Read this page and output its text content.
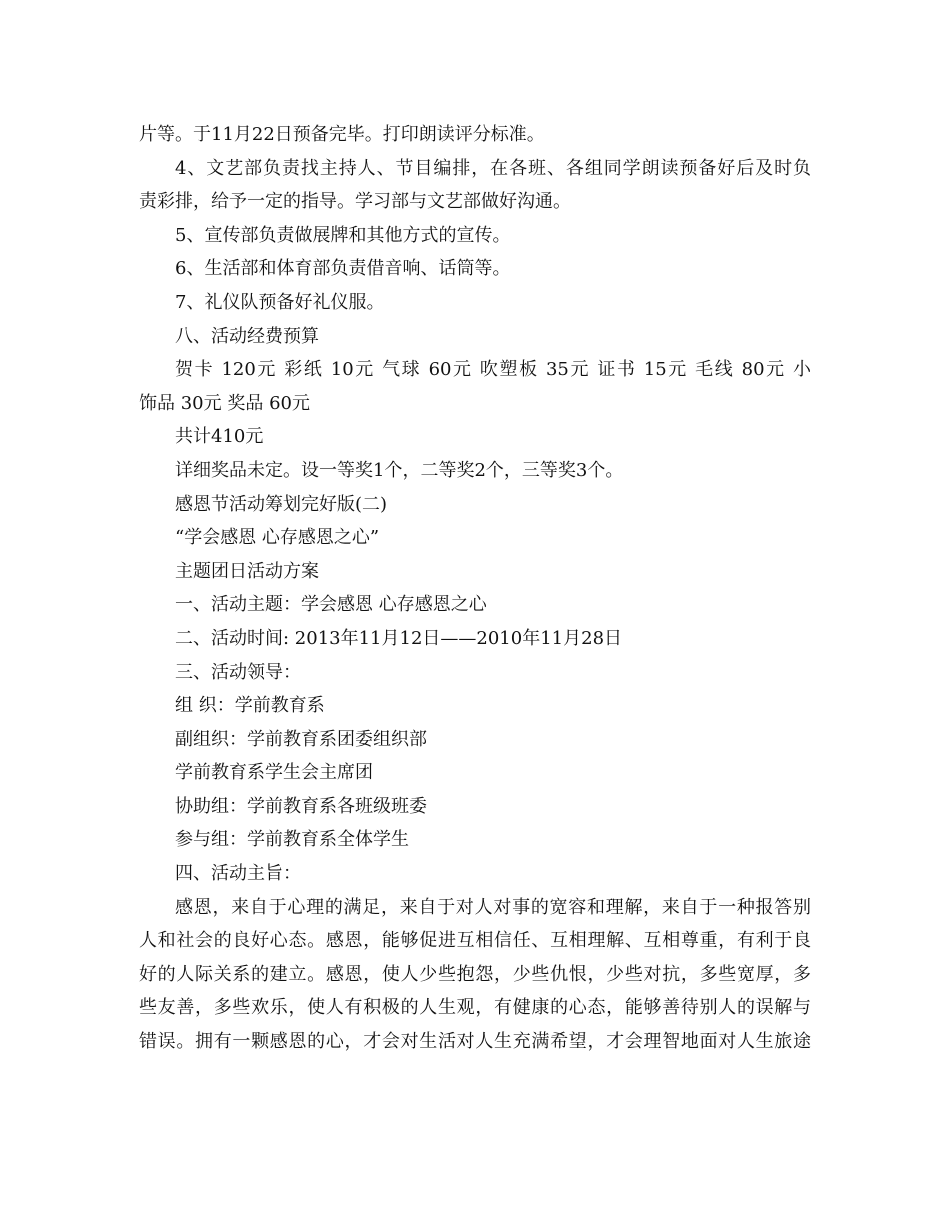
片等。于11月22日预备完毕。打印朗读评分标准。
4、文艺部负责找主持人、节目编排，在各班、各组同学朗读预备好后及时负
责彩排，给予一定的指导。学习部与文艺部做好沟通。
5、宣传部负责做展牌和其他方式的宣传。
6、生活部和体育部负责借音响、话筒等。
7、礼仪队预备好礼仪服。
八、活动经费预算
贺卡 120元 彩纸 10元 气球 60元 吹塑板 35元 证书 15元 毛线 80元 小
饰品 30元 奖品 60元
共计410元
详细奖品未定。设一等奖1个，二等奖2个，三等奖3个。
感恩节活动筹划完好版(二)
“学会感恩 心存感恩之心”
主题团日活动方案
一、活动主题：学会感恩 心存感恩之心
二、活动时间: 2013年11月12日——2010年11月28日
三、活动领导：
组 织：学前教育系
副组织：学前教育系团委组织部
学前教育系学生会主席团
协助组：学前教育系各班级班委
参与组：学前教育系全体学生
四、活动主旨：
感恩，来自于心理的满足，来自于对人对事的宽容和理解，来自于一种报答别
人和社会的良好心态。感恩，能够促进互相信任、互相理解、互相尊重，有利于良
好的人际关系的建立。感恩，使人少些抱怨，少些仇恨，少些对抗，多些宽厚，多
些友善，多些欢乐，使人有积极的人生观，有健康的心态，能够善待别人的误解与
错误。拥有一颗感恩的心，才会对生活对人生充满希望，才会理智地面对人生旅途
